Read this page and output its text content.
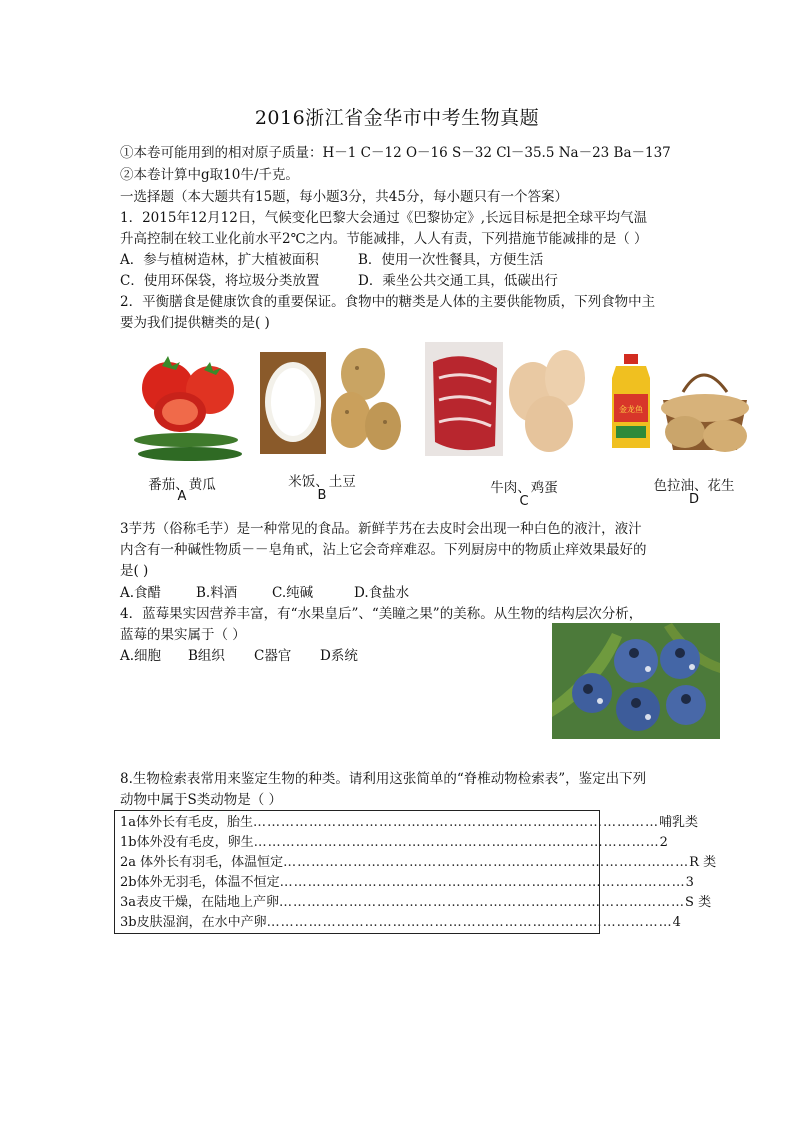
2016浙江省金华市中考生物真题
①本卷可能用到的相对原子质量：H－1 C－12 O－16 S－32 Cl－35.5 Na－23 Ba－137
②本卷计算中g取10牛/千克。
一选择题（本大题共有15题，每小题3分，共45分，每小题只有一个答案）
1．2015年12月12日，气候变化巴黎大会通过《巴黎协定》,长远目标是把全球平均气温
升高控制在较工业化前水平2℃之内。节能减排，人人有责，下列措施节能减排的是（ ）
A．参与植树造林，扩大植被面积	B．使用一次性餐具，方便生活
C．使用环保袋，将垃圾分类放置	D．乘坐公共交通工具，低碳出行
2．平衡膳食是健康饮食的重要保证。食物中的糖类是人体的主要供能物质，下列食物中主
要为我们提供糖类的是( )
金龙鱼
番茄、黄瓜
A
米饭、土豆
B	牛肉、鸡蛋
C
色拉油、花生
D
3芋艿（俗称毛芋）是一种常见的食品。新鲜芋艿在去皮时会出现一种白色的液汁，液汁
内含有一种碱性物质－－皂角甙，沾上它会奇痒难忍。下列厨房中的物质止痒效果最好的
是( )
A.食醋	B.料酒	C.纯碱	D.食盐水
4．蓝莓果实因营养丰富，有“水果皇后”、“美瞳之果”的美称。从生物的结构层次分析，
蓝莓的果实属于（ ）
A.细胞 B组织 C器官 D系统
8.生物检索表常用来鉴定生物的种类。请利用这张简单的“脊椎动物检索表”，鉴定出下列
动物中属于S类动物是（ ）
1a体外长有毛皮，胎生 …………………………………………………………………………… 哺乳类
1b体外没有毛皮，卵生 …………………………………………………………………………… 2
2a 体外长有羽毛，体温恒定 …………………………………………………………………………… R 类
2b体外无羽毛，体温不恒定 …………………………………………………………………………… 3
3a表皮干燥，在陆地上产卵 …………………………………………………………………………… S 类
3b皮肤湿润，在水中产卵 …………………………………………………………………………… 4
